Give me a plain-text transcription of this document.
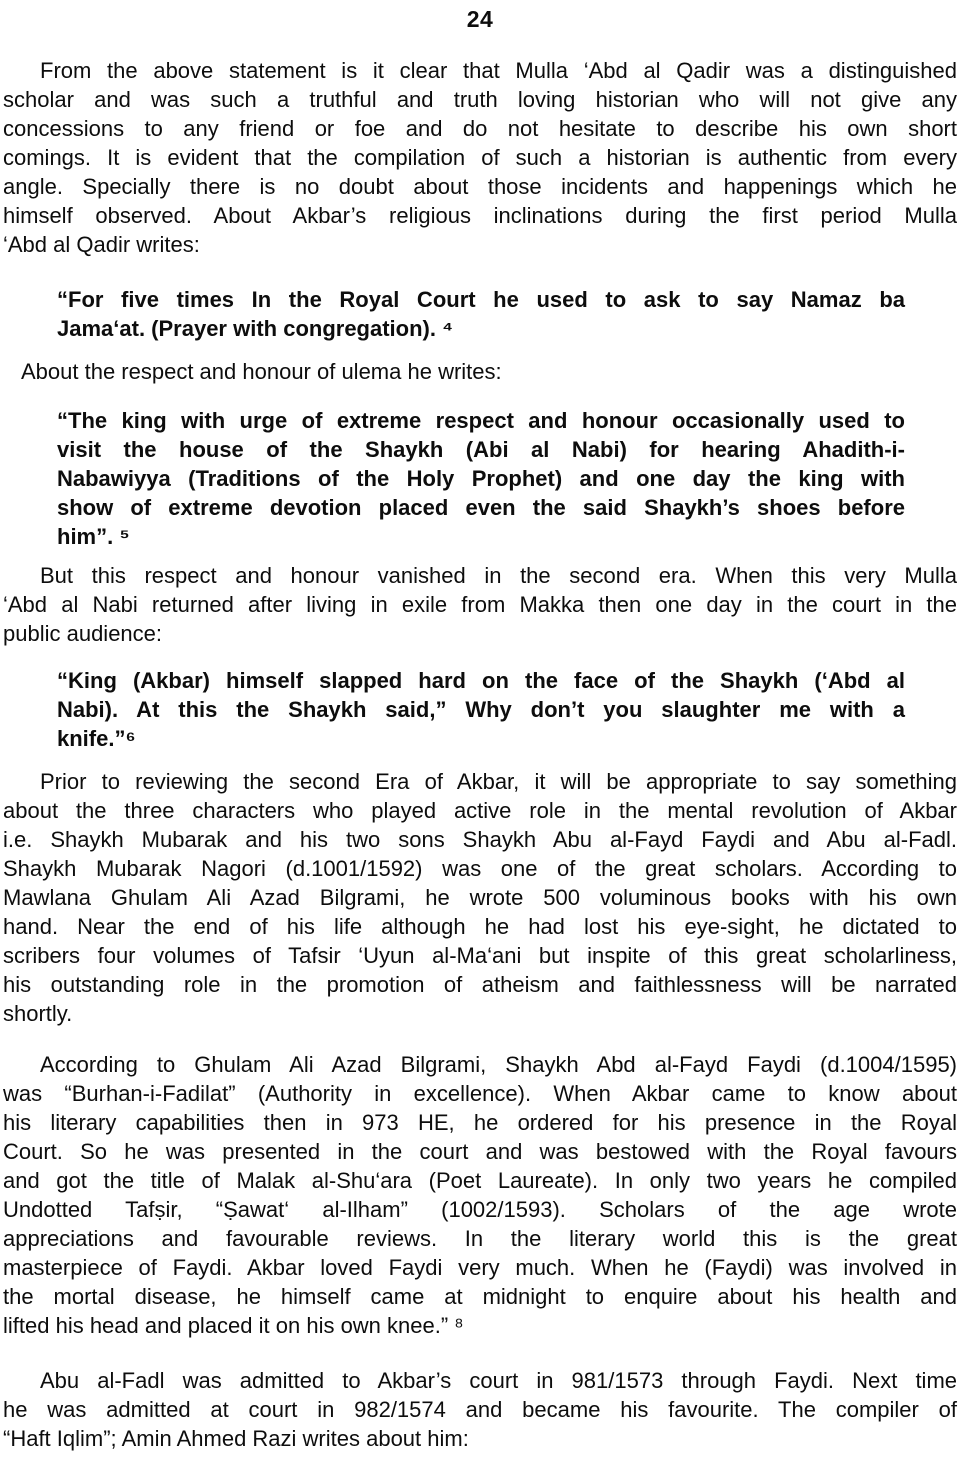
24
From the above statement is it clear that Mulla ‘Abd al Qadir was a distinguished
scholar and was such a truthful and truth loving historian who will not give any
concessions to any friend or foe and do not hesitate to describe his own short
comings. It is evident that the compilation of such a historian is authentic from every
angle. Specially there is no doubt about those incidents and happenings which he
himself observed. About Akbar’s religious inclinations during the first period Mulla
‘Abd al Qadir writes:
“For five times In the Royal Court he used to ask to say Namaz ba
Jama‘at. (Prayer with congregation). ⁴
About the respect and honour of ulema he writes:
“The king with urge of extreme respect and honour occasionally used to
visit the house of the Shaykh (Abi al Nabi) for hearing Ahadith-i-
Nabawiyya (Traditions of the Holy Prophet) and one day the king with
show of extreme devotion placed even the said Shaykh’s shoes before
him”. ⁵
But this respect and honour vanished in the second era. When this very Mulla
‘Abd al Nabi returned after living in exile from Makka then one day in the court in the
public audience:
“King (Akbar) himself slapped hard on the face of the Shaykh (‘Abd al
Nabi). At this the Shaykh said,” Why don’t you slaughter me with a
knife.”⁶
Prior to reviewing the second Era of Akbar, it will be appropriate to say something
about the three characters who played active role in the mental revolution of Akbar
i.e. Shaykh Mubarak and his two sons Shaykh Abu al-Fayd Faydi and Abu al-Fadl.
Shaykh Mubarak Nagori (d.1001/1592) was one of the great scholars. According to
Mawlana Ghulam Ali Azad Bilgrami, he wrote 500 voluminous books with his own
hand. Near the end of his life although he had lost his eye-sight, he dictated to
scribers four volumes of Tafsir ‘Uyun al-Ma‘ani but inspite of this great scholarliness,
his outstanding role in the promotion of atheism and faithlessness will be narrated
shortly.
According to Ghulam Ali Azad Bilgrami, Shaykh Abd al-Fayd Faydi (d.1004/1595)
was “Burhan-i-Fadilat” (Authority in excellence). When Akbar came to know about
his literary capabilities then in 973 HE, he ordered for his presence in the Royal
Court. So he was presented in the court and was bestowed with the Royal favours
and got the title of Malak al-Shu‘ara (Poet Laureate). In only two years he compiled
Undotted Tafṣir, “Ṣawat‘ al-Ilham” (1002/1593). Scholars of the age wrote
appreciations and favourable reviews. In the literary world this is the great
masterpiece of Faydi. Akbar loved Faydi very much. When he (Faydi) was involved in
the mortal disease, he himself came at midnight to enquire about his health and
lifted his head and placed it on his own knee.” ⁸
Abu al-Fadl was admitted to Akbar’s court in 981/1573 through Faydi. Next time
he was admitted at court in 982/1574 and became his favourite. The compiler of
“Haft Iqlim”; Amin Ahmed Razi writes about him:
